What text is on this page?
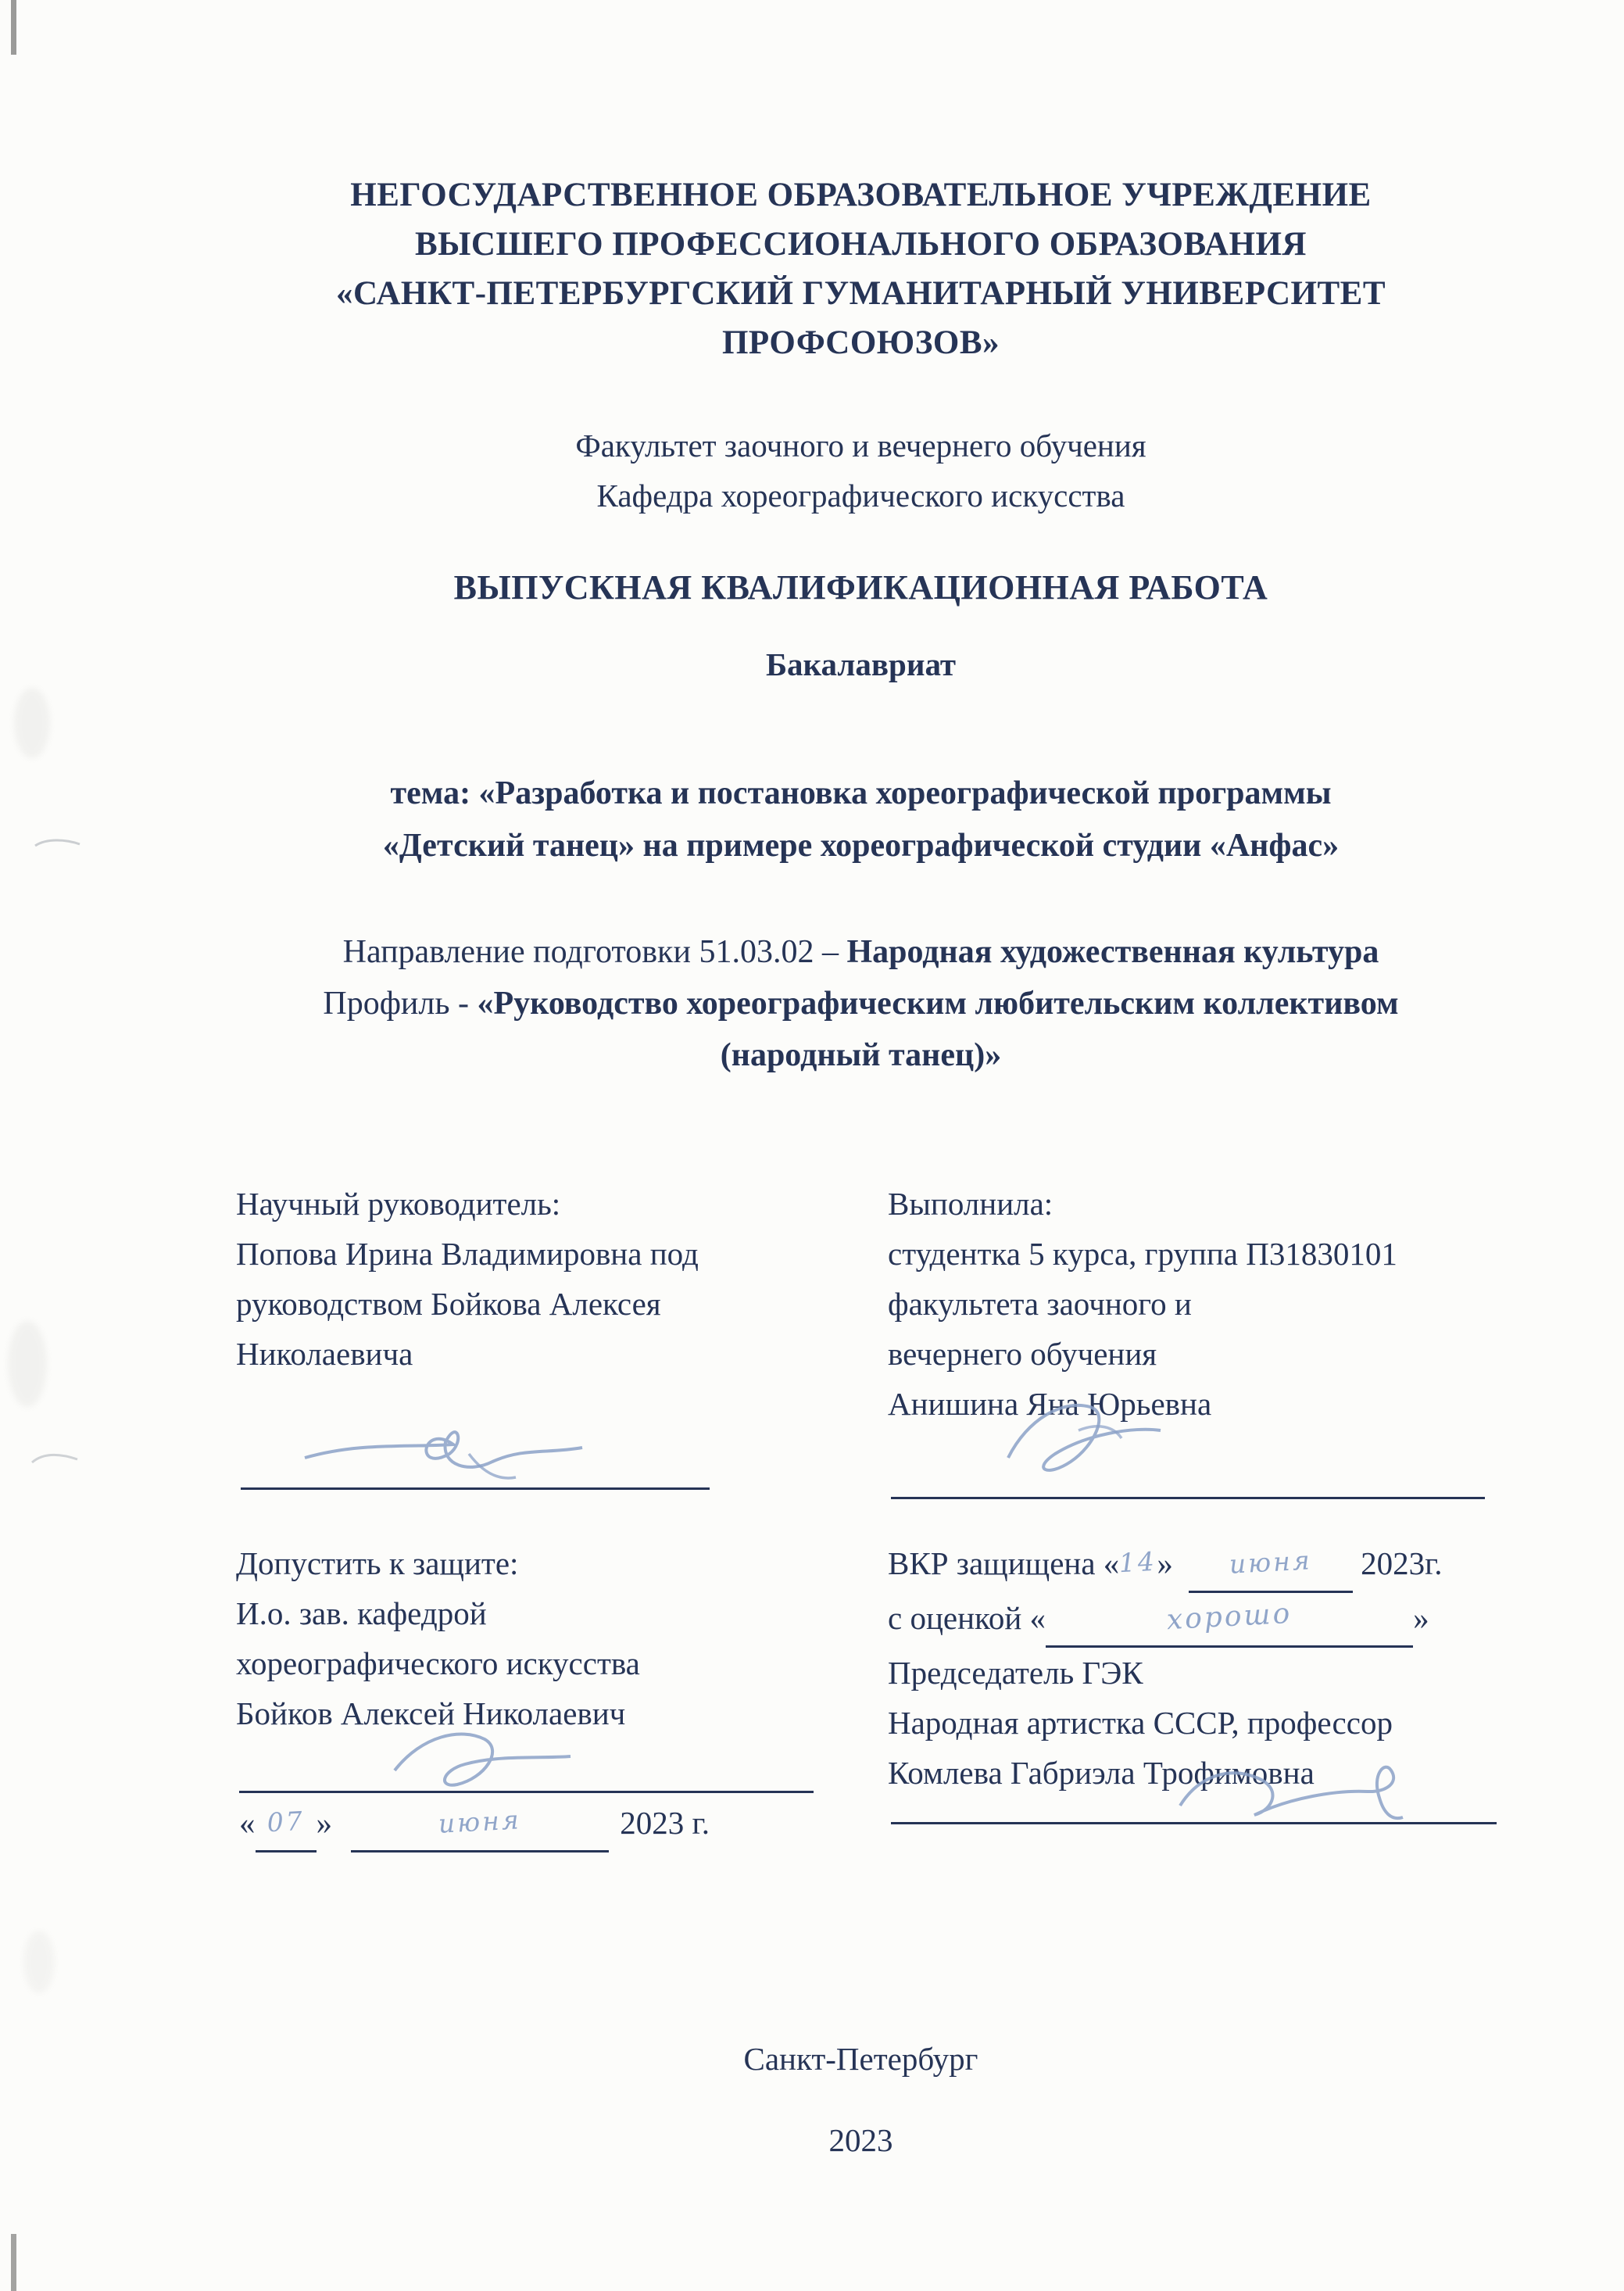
НЕГОСУДАРСТВЕННОЕ ОБРАЗОВАТЕЛЬНОЕ УЧРЕЖДЕНИЕ
ВЫСШЕГО ПРОФЕССИОНАЛЬНОГО ОБРАЗОВАНИЯ
«САНКТ-ПЕТЕРБУРГСКИЙ ГУМАНИТАРНЫЙ УНИВЕРСИТЕТ
ПРОФСОЮЗОВ»
Факультет заочного и вечернего обучения
Кафедра хореографического искусства
ВЫПУСКНАЯ КВАЛИФИКАЦИОННАЯ РАБОТА
Бакалавриат
тема: «Разработка и постановка хореографической программы
«Детский танец» на примере хореографической студии «Анфас»
Направление подготовки 51.03.02 – Народная художественная культура
Профиль - «Руководство хореографическим любительским коллективом
(народный танец)»
Научный руководитель:
Попова Ирина Владимировна под
руководством Бойкова Алексея
Николаевича
Выполнила:
студентка 5 курса, группа П31830101
факультета заочного и
вечернего обучения
Анишина Яна Юрьевна
Допустить к защите:
И.о. зав. кафедрой
хореографического искусства
Бойков Алексей Николаевич
« 07 »	июня	2023 г.
ВКР защищена «14» июня 2023г.
с оценкой «	хорошо	»
Председатель ГЭК
Народная артистка СССР, профессор
Комлева Габриэла Трофимовна
Санкт-Петербург
2023
